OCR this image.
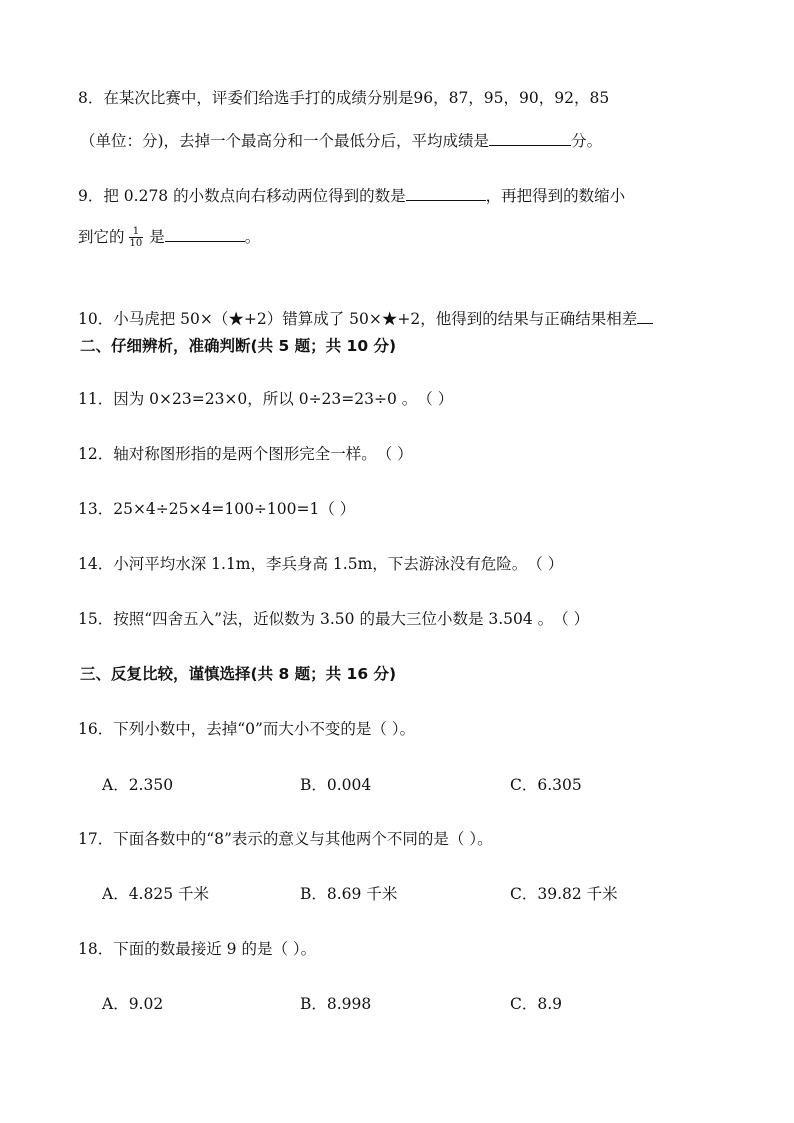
8．在某次比赛中，评委们给选手打的成绩分别是96，87，95，90，92，85
（单位：分)，去掉一个最高分和一个最低分后，平均成绩是	分。
9．把 0.278 的小数点向右移动两位得到的数是	，再把得到的数缩小
到它的 $\frac{1}{10}$ 是	。
10．小马虎把 50×（★+2）错算成了 50×★+2，他得到的结果与正确结果相差
二、仔细辨析，准确判断(共 5 题；共 10 分)
11．因为 0×23=23×0，所以 0÷23=23÷0 。（ ）
12．轴对称图形指的是两个图形完全一样。（ ）
13．25×4÷25×4=100÷100=1（ ）
14．小河平均水深 1.1m，李兵身高 1.5m，下去游泳没有危险。（ ）
15．按照“四舍五入”法，近似数为 3.50 的最大三位小数是 3.504 。（ ）
三、反复比较，谨慎选择(共 8 题；共 16 分)
16．下列小数中，去掉“0”而大小不变的是（ ）。
A．2.350	B．0.004	C．6.305
17．下面各数中的“8”表示的意义与其他两个不同的是（ ）。
A．4.825 千米	B．8.69 千米	C．39.82 千米
18．下面的数最接近 9 的是（ ）。
A．9.02	B．8.998	C．8.9
